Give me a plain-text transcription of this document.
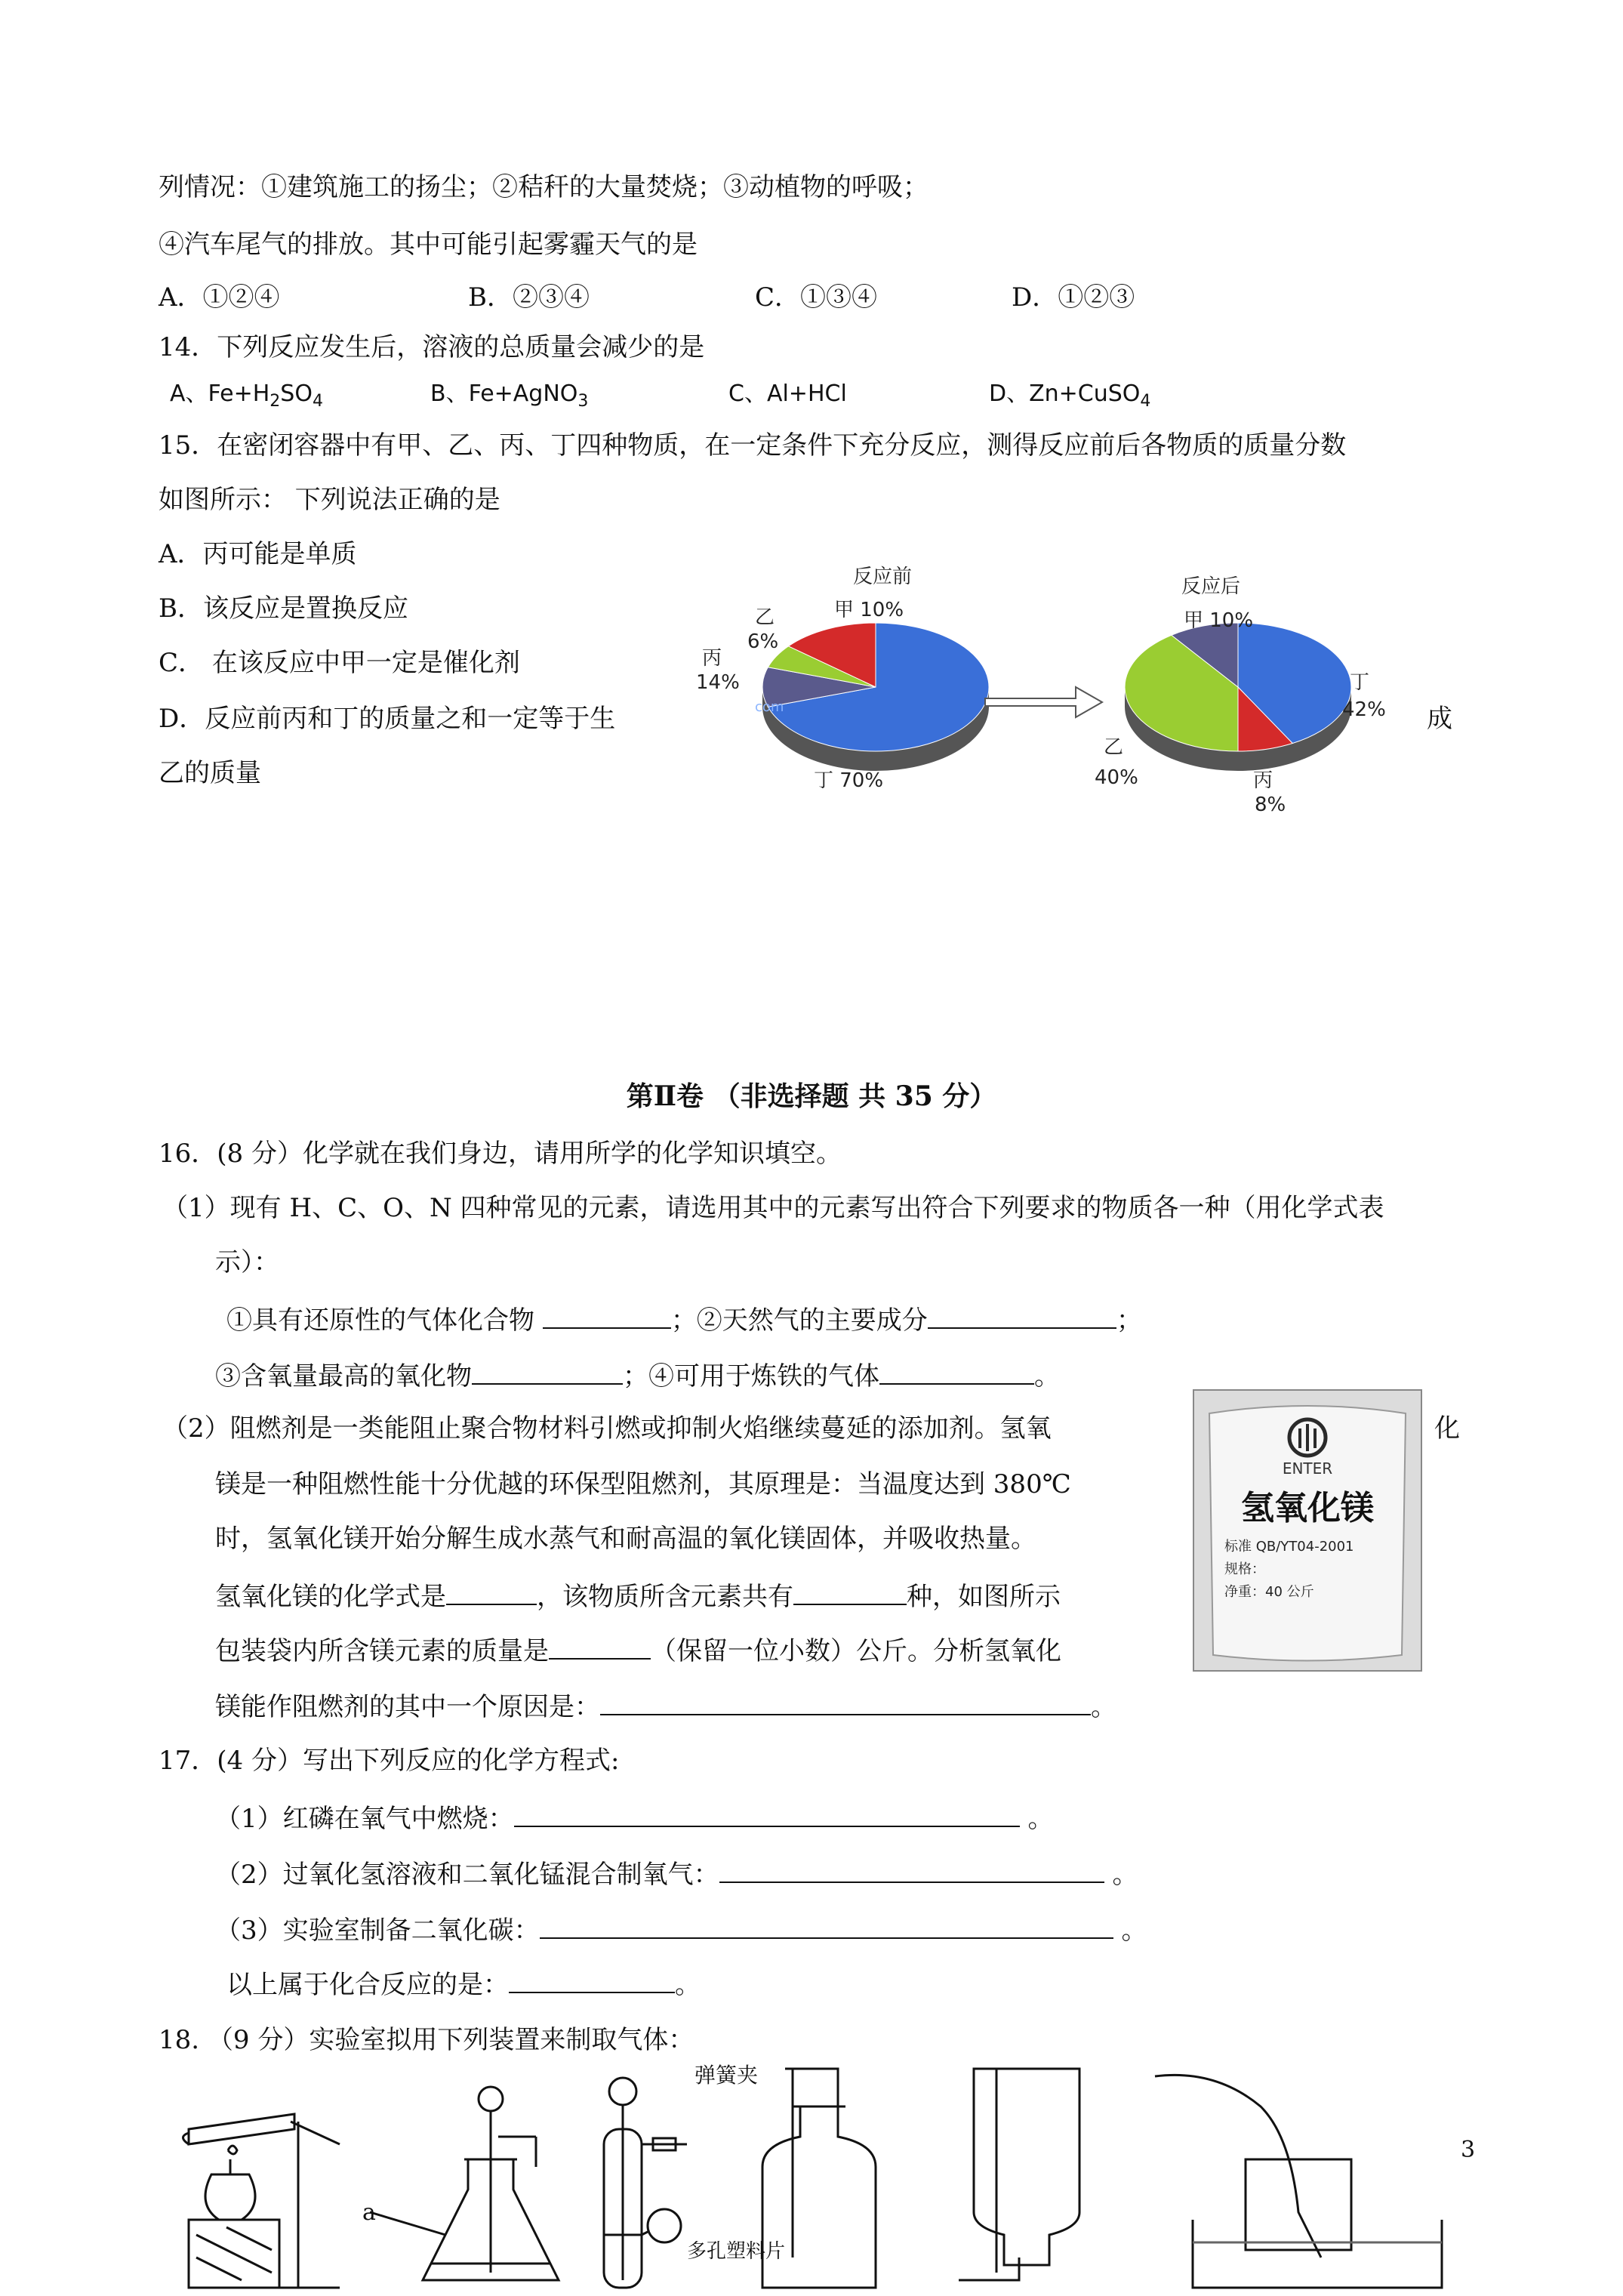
列情况：①建筑施工的扬尘；②秸秆的大量焚烧；③动植物的呼吸；
④汽车尾气的排放。其中可能引起雾霾天气的是
A．①②④	B．②③④	C．①③④	D．①②③
14．下列反应发生后，溶液的总质量会减少的是
A、$Fe+H_2SO_4$	B、Fe+AgNO$_3$	C、Al+HCl	D、Zn+CuSO$_4$
15．在密闭容器中有甲、乙、丙、丁四种物质，在一定条件下充分反应，测得反应前后各物质的质量分数
如图所示： 下列说法正确的是
A．丙可能是单质
B．该反应是置换反应
C． 在该反应中甲一定是催化剂
D．反应前丙和丁的质量之和一定等于生
乙的质量
成
反应前	反应后
甲 10%
乙
6%
丙
14%
丁 70%
com
甲 10%
丁
42%
乙
40%	丙
8%
第Ⅱ卷 （非选择题 共 35 分）
16．(8 分）化学就在我们身边，请用所学的化学知识填空。
（1）现有 H、C、O、N 四种常见的元素，请选用其中的元素写出符合下列要求的物质各一种（用化学式表
示）：
①具有还原性的气体化合物	；②天然气的主要成分	；
③含氧量最高的氧化物	；④可用于炼铁的气体	。
（2）阻燃剂是一类能阻止聚合物材料引燃或抑制火焰继续蔓延的添加剂。氢氧	化
镁是一种阻燃性能十分优越的环保型阻燃剂，其原理是：当温度达到 380℃
时，氢氧化镁开始分解生成水蒸气和耐高温的氧化镁固体，并吸收热量。
氢氧化镁的化学式是	，该物质所含元素共有	种，如图所示
包装袋内所含镁元素的质量是	（保留一位小数）公斤。分析氢氧化
镁能作阻燃剂的其中一个原因是：	。
ENTER
氢氧化镁
标准 QB/YT04-2001
规格：
净重：40 公斤
17．(4 分）写出下列反应的化学方程式:
（1）红磷在氧气中燃烧：	。
（2）过氧化氢溶液和二氧化锰混合制氧气：	。
（3）实验室制备二氧化碳：	。
以上属于化合反应的是：	。
18. （9 分）实验室拟用下列装置来制取气体：
a
弹簧夹
多孔塑料片
3
